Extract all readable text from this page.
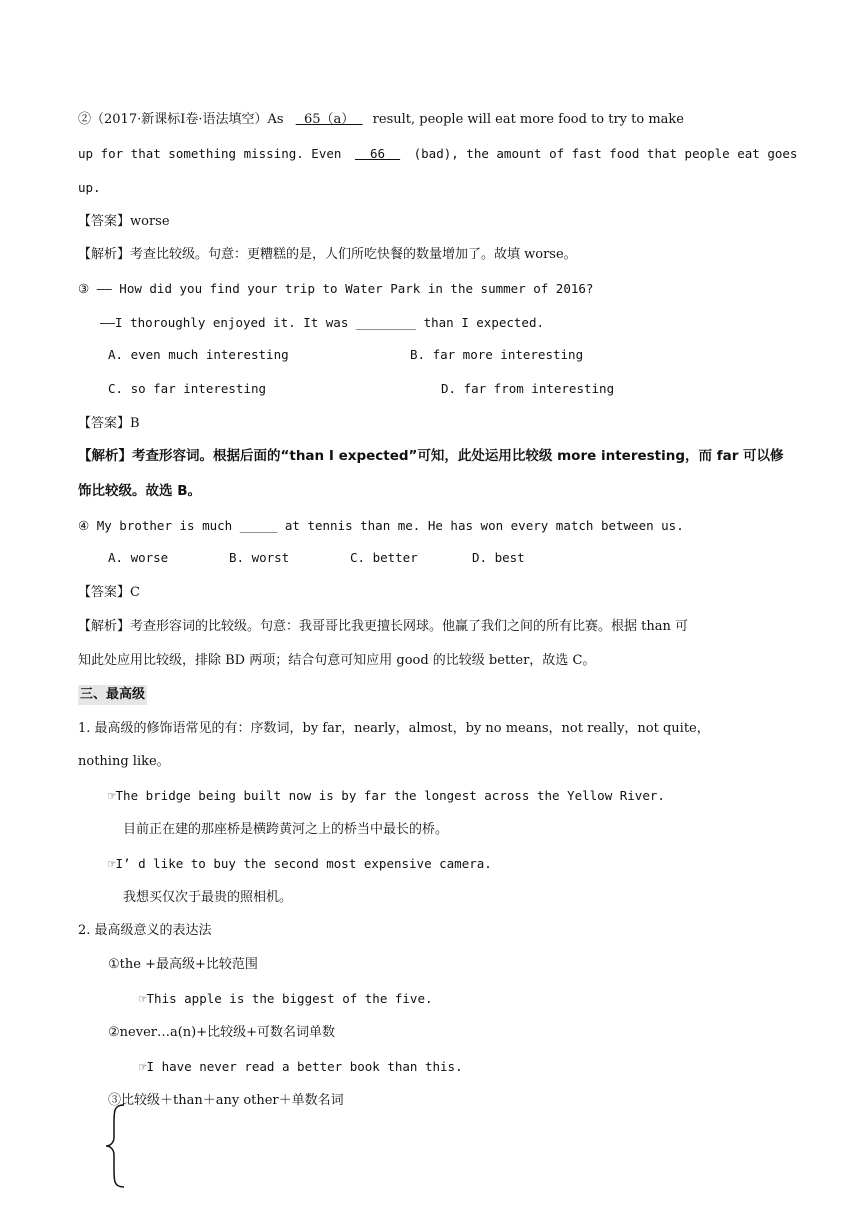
②（2017·新课标Ⅰ卷·语法填空）As   65（a）   result, people will eat more food to try to make
up for that something missing. Even   66   (bad), the amount of fast food that people eat goes
up.
【答案】worse
【解析】考查比较级。句意：更糟糕的是，人们所吃快餐的数量增加了。故填 worse。
③ —— How did you find your trip to Water Park in the summer of 2016?
——I thoroughly enjoyed it. It was ________ than I expected.
A. even much interesting	B. far more interesting
C. so far interesting	D. far from interesting
【答案】B
【解析】考查形容词。根据后面的“than I expected”可知，此处运用比较级 more interesting，而 far 可以修
饰比较级。故选 B。
④ My brother is much _____ at tennis than me. He has won every match between us.
A. worse	B. worst	C. better	D. best
【答案】C
【解析】考查形容词的比较级。句意：我哥哥比我更擅长网球。他赢了我们之间的所有比赛。根据 than 可
知此处应用比较级，排除 BD 两项；结合句意可知应用 good 的比较级 better，故选 C。
三、最高级
1. 最高级的修饰语常见的有：序数词，by far，nearly，almost，by no means，not really，not quite，
nothing like。
☞The bridge being built now is by far the longest across the Yellow River.
目前正在建的那座桥是横跨黄河之上的桥当中最长的桥。
☞I’ d like to buy the second most expensive camera.
我想买仅次于最贵的照相机。
2. 最高级意义的表达法
①the +最高级+比较范围
☞This apple is the biggest of the five.
②never…a(n)+比较级+可数名词单数
☞I have never read a better book than this.
③比较级＋than＋any other＋单数名词
